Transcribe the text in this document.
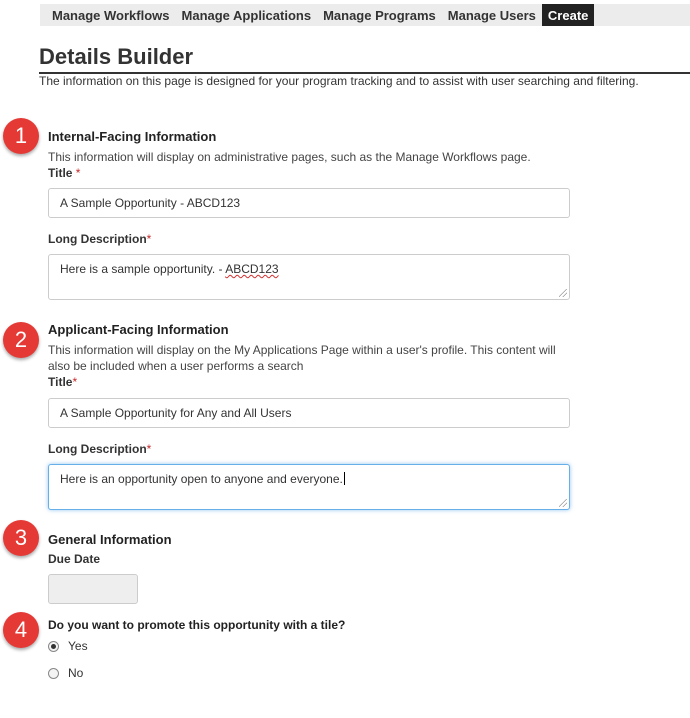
Manage Workflows Manage Applications Manage Programs Manage Users Create
Details Builder
The information on this page is designed for your program tracking and to assist with user searching and filtering.
1	Internal-Facing Information
This information will display on administrative pages, such as the Manage Workflows page.
Title *
A Sample Opportunity - ABCD123
Long Description*
Here is a sample opportunity. - ABCD123
2	Applicant-Facing Information
This information will display on the My Applications Page within a user's profile. This content will also be included when a user performs a search
Title*
A Sample Opportunity for Any and All Users
Long Description*
Here is an opportunity open to anyone and everyone.
3	General Information
Due Date
4	Do you want to promote this opportunity with a tile?
Yes
No
